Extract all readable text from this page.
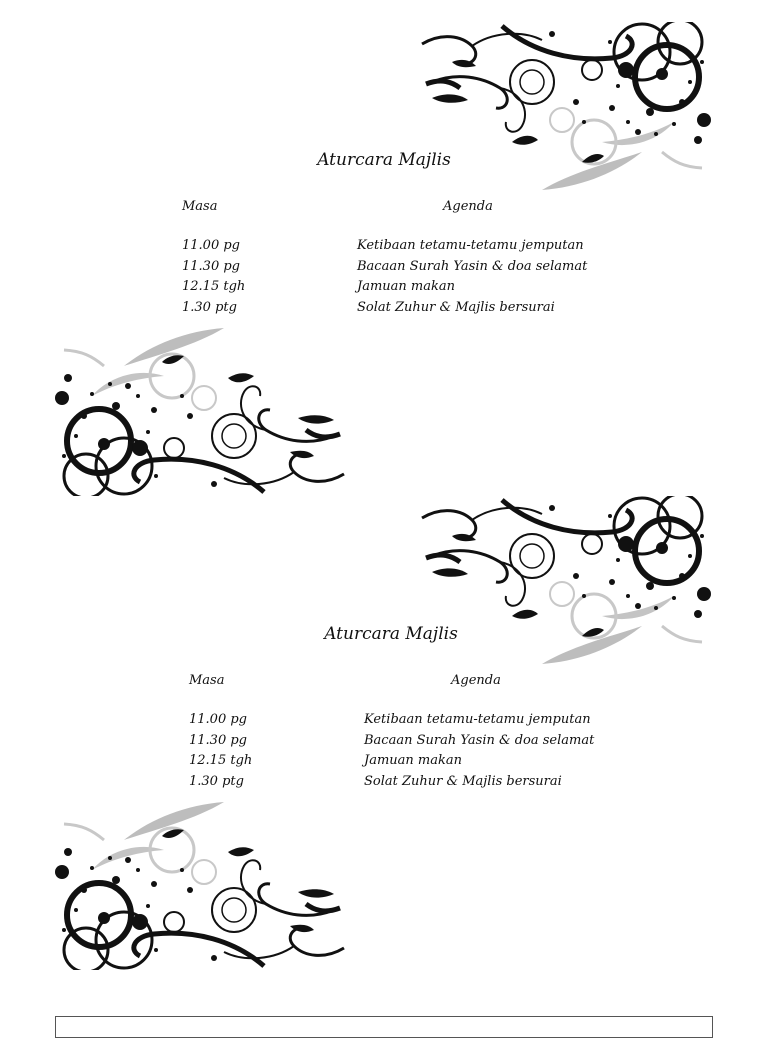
Aturcara Majlis
Masa	Agenda
11.00 pg	Ketibaan tetamu-tetamu jemputan
11.30 pg	Bacaan Surah Yasin & doa selamat
12.15 tgh	Jamuan makan
1.30 ptg	Solat Zuhur & Majlis bersurai
Aturcara Majlis
Masa	Agenda
11.00 pg	Ketibaan tetamu-tetamu jemputan
11.30 pg	Bacaan Surah Yasin & doa selamat
12.15 tgh	Jamuan makan
1.30 ptg	Solat Zuhur & Majlis bersurai
